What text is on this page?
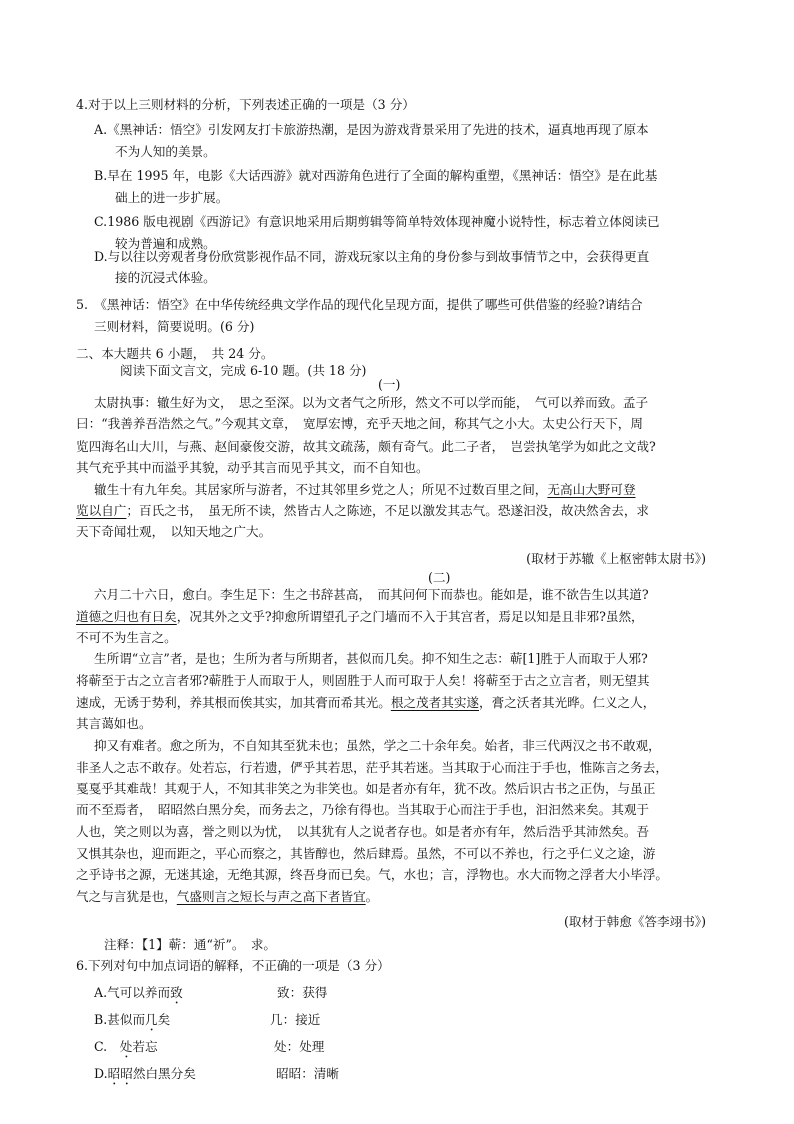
4.对于以上三则材料的分析，下列表述正确的一项是（3 分）

A.《黑神话：悟空》引发网友打卡旅游热潮，是因为游戏背景采用了先进的技术，逼真地再现了原本

不为人知的美景。

B.早在 1995 年，电影《大话西游》就对西游角色进行了全面的解构重塑，《黑神话：悟空》是在此基

础上的进一步扩展。

C.1986 版电视剧《西游记》有意识地采用后期剪辑等简单特效体现神魔小说特性，标志着立体阅读已

较为普遍和成熟。

D.与以往以旁观者身份欣赏影视作品不同，游戏玩家以主角的身份参与到故事情节之中，会获得更直

接的沉浸式体验。

5.　《黑神话：悟空》在中华传统经典文学作品的现代化呈现方面，提供了哪些可供借鉴的经验?请结合

三则材料，简要说明。(6 分)

二、本大题共 6 小题，　共 24 分。

阅读下面文言文，完成 6-10 题。(共 18 分)

(一)

太尉执事：辙生好为文，　思之至深。以为文者气之所形，然文不可以学而能，　气可以养而致。孟子

曰：“我善养吾浩然之气。”今观其文章，　宽厚宏博，充乎天地之间，称其气之小大。太史公行天下，周

览四海名山大川，与燕、赵间豪俊交游，故其文疏荡，颇有奇气。此二子者，　岂尝执笔学为如此之文哉?

其气充乎其中而溢乎其貌，动乎其言而见乎其文，而不自知也。

辙生十有九年矣。其居家所与游者，不过其邻里乡党之人；所见不过数百里之间，无高山大野可登

览以自广；百氏之书，　虽无所不读，然皆古人之陈迹，不足以激发其志气。恐遂汩没，故决然舍去，求

天下奇闻壮观，　以知天地之广大。

(取材于苏辙《上枢密韩太尉书》)

(二)

六月二十六日，愈白。李生足下：生之书辞甚高，　而其问何下而恭也。能如是，谁不欲告生以其道?

道德之归也有日矣，况其外之文乎?抑愈所谓望孔子之门墙而不入于其宫者，焉足以知是且非邪?虽然，

不可不为生言之。

生所谓“立言”者，是也；生所为者与所期者，甚似而几矣。抑不知生之志：蕲[1]胜于人而取于人邪?

将蕲至于古之立言者邪?蕲胜于人而取于人，则固胜于人而可取于人矣！将蕲至于古之立言者，则无望其

速成，无诱于势利，养其根而俟其实，加其膏而希其光。根之茂者其实遂，膏之沃者其光晔。仁义之人，

其言蔼如也。

抑又有难者。愈之所为，不自知其至犹未也；虽然，学之二十余年矣。始者，非三代两汉之书不敢观，

非圣人之志不敢存。处若忘，行若遗，俨乎其若思，茫乎其若迷。当其取于心而注于手也，惟陈言之务去，

戛戛乎其难哉！其观于人，不知其非笑之为非笑也。如是者亦有年，犹不改。然后识古书之正伪，与虽正

而不至焉者，　昭昭然白黑分矣，而务去之，乃徐有得也。当其取于心而注于手也，汩汩然来矣。其观于

人也，笑之则以为喜，誉之则以为忧，　以其犹有人之说者存也。如是者亦有年，然后浩乎其沛然矣。吾

又惧其杂也，迎而距之，平心而察之，其皆醇也，然后肆焉。虽然，不可以不养也，行之乎仁义之途，游

之乎诗书之源，无迷其途，无绝其源，终吾身而已矣。气，水也；言，浮物也。水大而物之浮者大小毕浮。

气之与言犹是也，气盛则言之短长与声之高下者皆宜。

(取材于韩愈《答李翊书》)

注释：【1】蕲：通“祈”。　求。

6.下列对句中加点词语的解释，不正确的一项是（3 分）

A.气可以养而致	致：获得
B.甚似而几矣	几：接近
C.　处若忘	处：处理
D.昭昭然白黑分矣	昭昭：清晰
